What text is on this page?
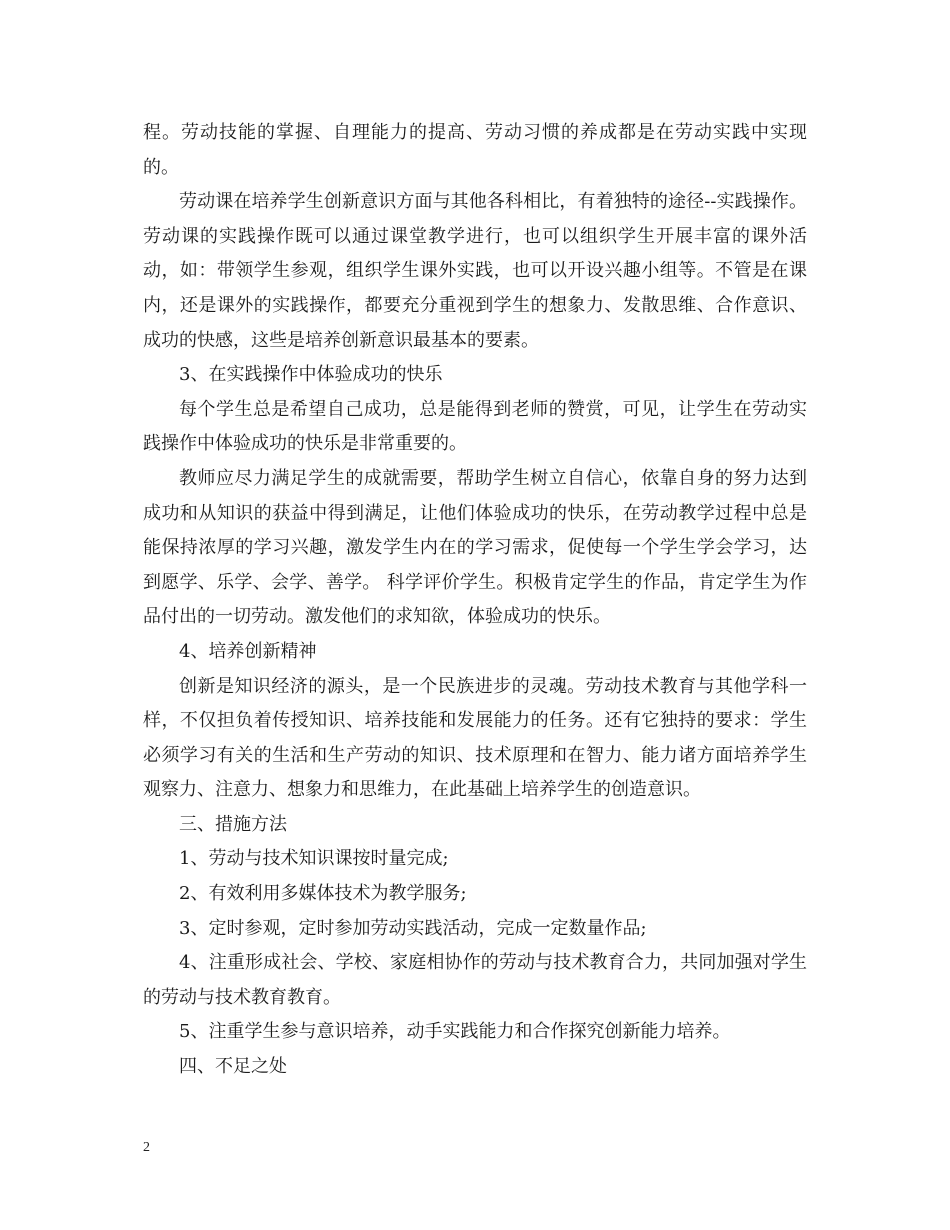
程。劳动技能的掌握、自理能力的提高、劳动习惯的养成都是在劳动实践中实现的。

劳动课在培养学生创新意识方面与其他各科相比，有着独特的途径--实践操作。劳动课的实践操作既可以通过课堂教学进行，也可以组织学生开展丰富的课外活动，如：带领学生参观，组织学生课外实践，也可以开设兴趣小组等。不管是在课内，还是课外的实践操作，都要充分重视到学生的想象力、发散思维、合作意识、成功的快感，这些是培养创新意识最基本的要素。

3、在实践操作中体验成功的快乐

每个学生总是希望自己成功，总是能得到老师的赞赏，可见，让学生在劳动实践操作中体验成功的快乐是非常重要的。

教师应尽力满足学生的成就需要，帮助学生树立自信心，依靠自身的努力达到成功和从知识的获益中得到满足，让他们体验成功的快乐，在劳动教学过程中总是能保持浓厚的学习兴趣，激发学生内在的学习需求，促使每一个学生学会学习，达到愿学、乐学、会学、善学。 科学评价学生。积极肯定学生的作品，肯定学生为作品付出的一切劳动。激发他们的求知欲，体验成功的快乐。

4、培养创新精神

创新是知识经济的源头，是一个民族进步的灵魂。劳动技术教育与其他学科一样，不仅担负着传授知识、培养技能和发展能力的任务。还有它独持的要求：学生必须学习有关的生活和生产劳动的知识、技术原理和在智力、能力诸方面培养学生观察力、注意力、想象力和思维力，在此基础上培养学生的创造意识。

三、措施方法

1、劳动与技术知识课按时量完成;

2、有效利用多媒体技术为教学服务;

3、定时参观，定时参加劳动实践活动，完成一定数量作品;

4、注重形成社会、学校、家庭相协作的劳动与技术教育合力，共同加强对学生的劳动与技术教育教育。

5、注重学生参与意识培养，动手实践能力和合作探究创新能力培养。

四、不足之处

2
